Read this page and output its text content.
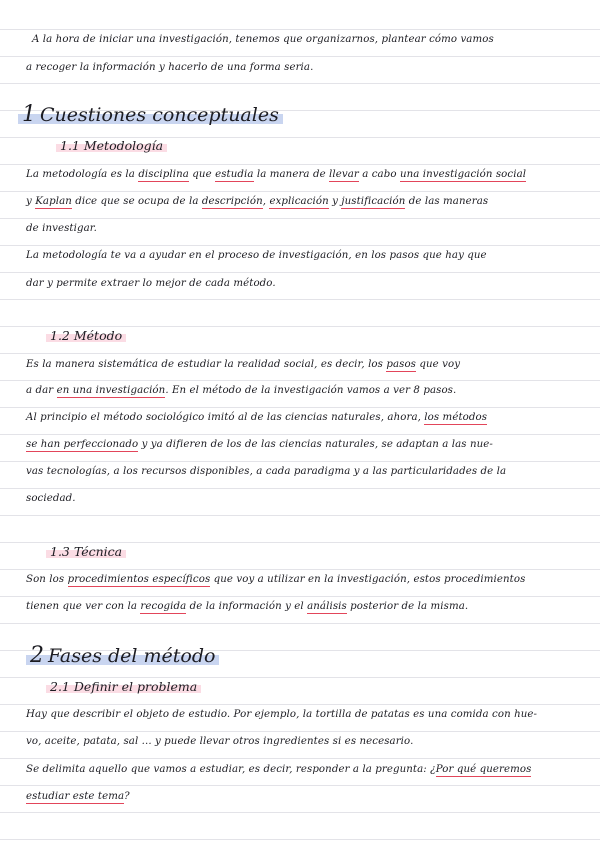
A la hora de iniciar una investigación, tenemos que organizarnos, plantear cómo vamos
a recoger la información y hacerlo de una forma seria.
1 Cuestiones conceptuales
1.1 Metodología
La metodología es la disciplina que estudia la manera de llevar a cabo una investigación social
y Kaplan dice que se ocupa de la descripción, explicación y justificación de las maneras
de investigar.
La metodología te va a ayudar en el proceso de investigación, en los pasos que hay que
dar y permite extraer lo mejor de cada método.
1.2 Método
Es la manera sistemática de estudiar la realidad social, es decir, los pasos que voy
a dar en una investigación. En el método de la investigación vamos a ver 8 pasos.
Al principio el método sociológico imitó al de las ciencias naturales, ahora, los métodos
se han perfeccionado y ya difieren de los de las ciencias naturales, se adaptan a las nue-
vas tecnologías, a los recursos disponibles, a cada paradigma y a las particularidades de la
sociedad.
1.3 Técnica
Son los procedimientos específicos que voy a utilizar en la investigación, estos procedimientos
tienen que ver con la recogida de la información y el análisis posterior de la misma.
2 Fases del método
2.1 Definir el problema
Hay que describir el objeto de estudio. Por ejemplo, la tortilla de patatas es una comida con hue-
vo, aceite, patata, sal ... y puede llevar otros ingredientes si es necesario.
Se delimita aquello que vamos a estudiar, es decir, responder a la pregunta: ¿Por qué queremos
estudiar este tema?
